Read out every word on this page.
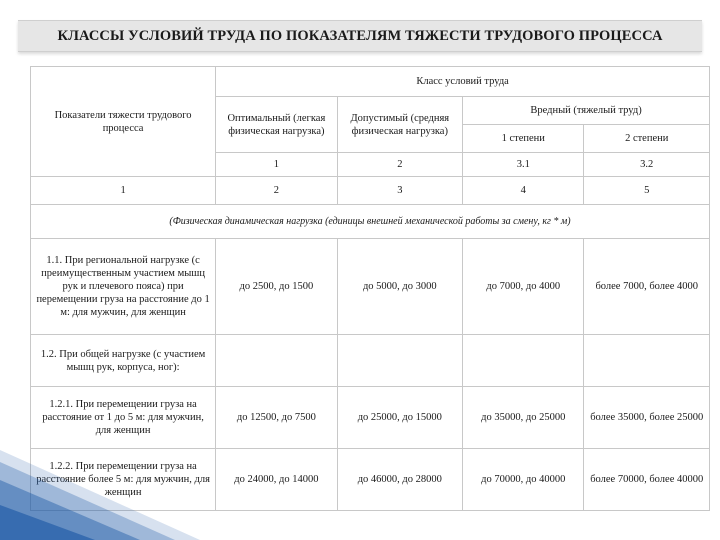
КЛАССЫ УСЛОВИЙ ТРУДА ПО ПОКАЗАТЕЛЯМ ТЯЖЕСТИ ТРУДОВОГО ПРОЦЕССА
Показатели тяжести трудового процесса	Класс условий труда			
	Оптимальный (легкая физическая нагрузка)	Допустимый (средняя физическая нагрузка)	Вредный (тяжелый труд)	
			1 степени	2 степени
	1	2	3.1	3.2
1	2	3	4	5
(Физическая динамическая нагрузка (единицы внешней механической работы за смену, кг * м)				
1.1. При региональной нагрузке (с преимущественным участием мышц рук и плечевого пояса) при перемещении груза на расстояние до 1 м: для мужчин, для женщин	до 2500, до 1500	до 5000, до 3000	до 7000, до 4000	более 7000, более 4000
1.2. При общей нагрузке (с участием мышц рук, корпуса, ног):				
1.2.1. При перемещении груза на расстояние от 1 до 5 м: для мужчин, для женщин	до 12500, до 7500	до 25000, до 15000	до 35000, до 25000	более 35000, более 25000
1.2.2. При перемещении груза на расстояние более 5 м: для мужчин, для женщин	до 24000, до 14000	до 46000, до 28000	до 70000, до 40000	более 70000, более 40000
